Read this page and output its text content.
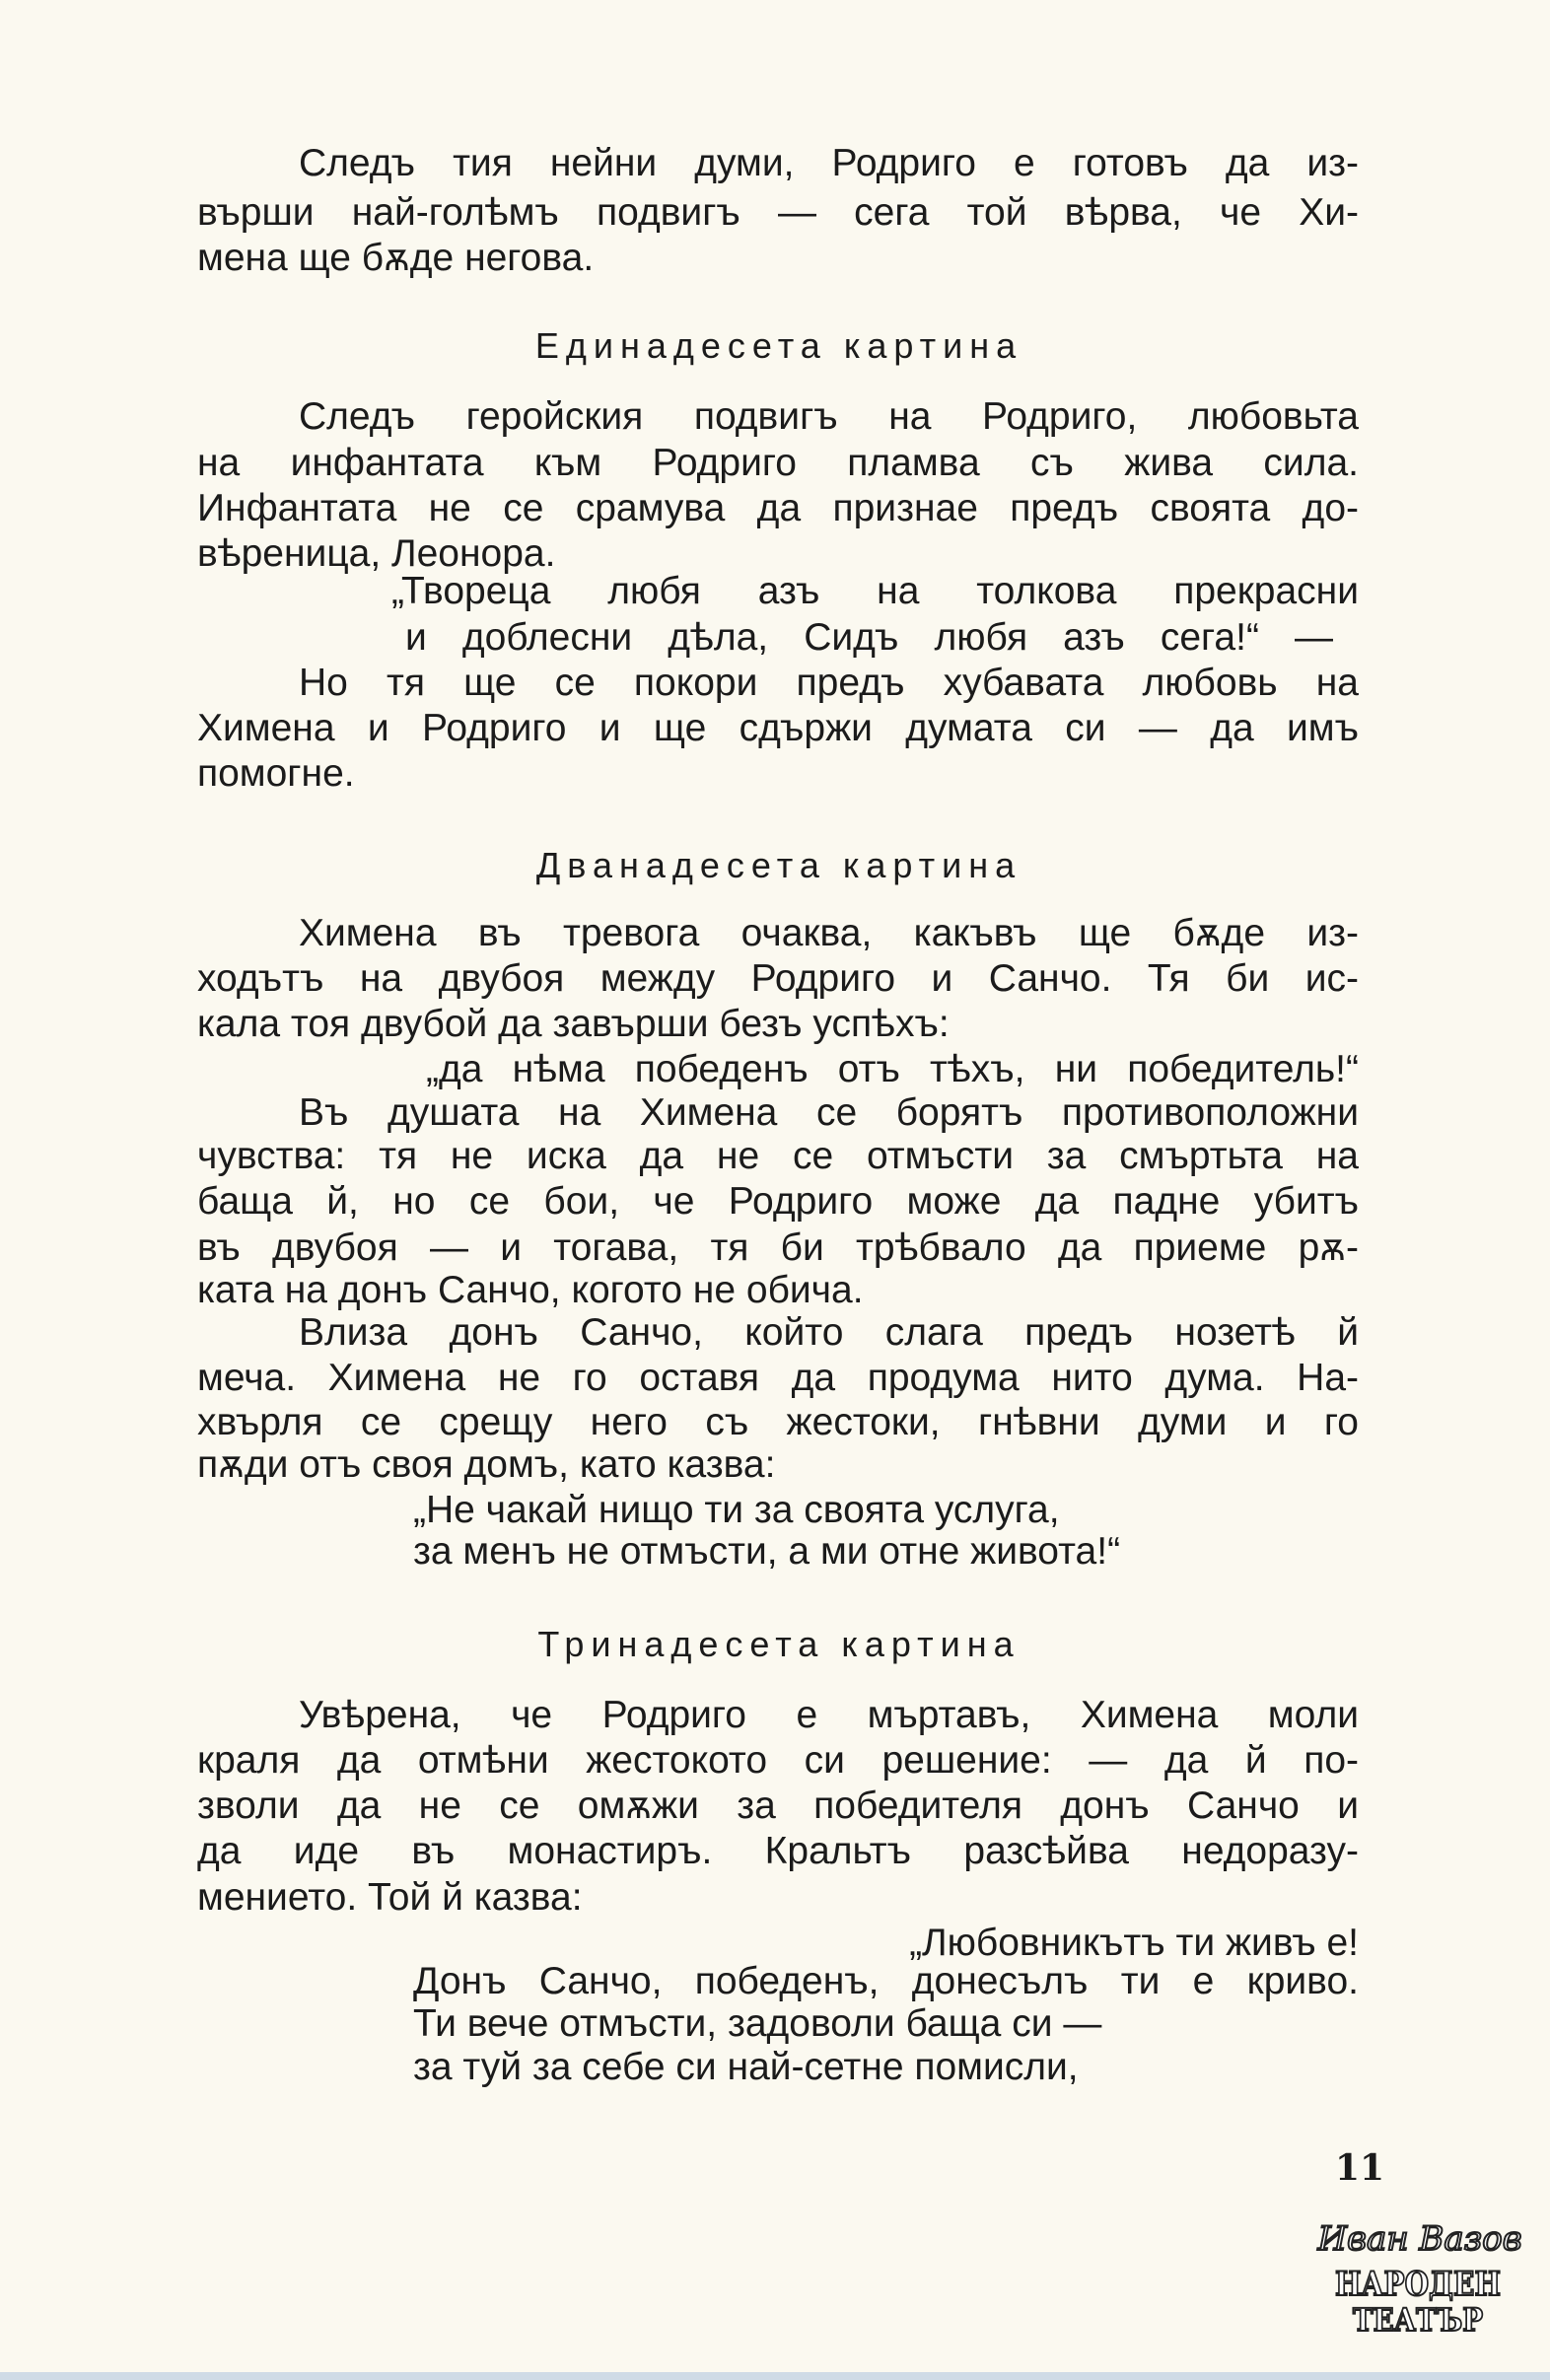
Следъ тия нейни думи, Родриго е готовъ да из-
върши най-голѣмъ подвигъ — сега той вѣрва, че Хи-
мена ще бѫде негова.
Единадесета картина
Следъ геройския подвигъ на Родриго, любовьта
на инфантата към Родриго пламва съ жива сила.
Инфантата не се срамува да признае предъ своята до-
вѣреница, Леонора.
„Твореца любя азъ на толкова прекрасни
и доблесни дѣла, Сидъ любя азъ сега!“ —
Но тя ще се покори предъ хубавата любовь на
Химена и Родриго и ще сдържи думата си — да имъ
помогне.
Дванадесета картина
Химена въ тревога очаква, какъвъ ще бѫде из-
ходътъ на двубоя между Родриго и Санчо. Тя би ис-
кала тоя двубой да завърши безъ успѣхъ:
„да нѣма победенъ отъ тѣхъ, ни победитель!“
Въ душата на Химена се борятъ противоположни
чувства: тя не иска да не се отмъсти за смъртьта на
баща й, но се бои, че Родриго може да падне убитъ
въ двубоя — и тогава, тя би трѣбвало да приеме рѫ-
ката на донъ Санчо, когото не обича.
Влиза донъ Санчо, който слага предъ нозетѣ й
меча. Химена не го оставя да продума нито дума. На-
хвърля се срещу него съ жестоки, гнѣвни думи и го
пѫди отъ своя домъ, като казва:
„Не чакай нищо ти за своята услуга,
за менъ не отмъсти, а ми отне живота!“
Тринадесета картина
Увѣрена, че Родриго е мъртавъ, Химена моли
краля да отмѣни жестокото си решение: — да й по-
зволи да не се омѫжи за победителя донъ Санчо и
да иде въ монастиръ. Кральтъ разсѣйва недоразу-
мението. Той й казва:
„Любовникътъ ти живъ е!
Донъ Санчо, победенъ, донесълъ ти е криво.
Ти вече отмъсти, задоволи баща си —
за туй за себе си най-сетне помисли,
11
Иван Вазов
НАРОДЕН
ТЕАТЪР
